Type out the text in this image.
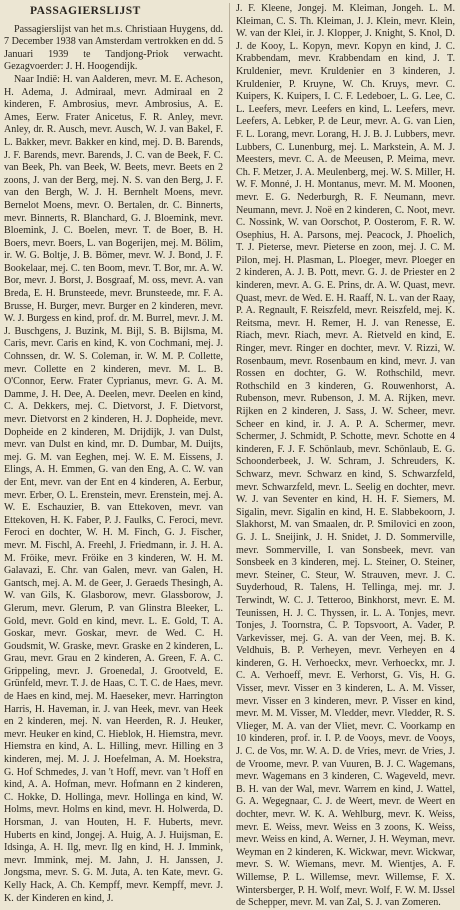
PASSAGIERSLIJST

Passagierslijst van het m.s. Christiaan Huygens, dd. 7 December 1938 van Amsterdam vertrokken en dd. 5 Januari 1939 te Tandjong-Priok verwacht. Gezagvoerder: J. H. Hoogendijk.

Naar Indië: H. van Aalderen, mevr. M. E. Acheson, H. Adema, J. Admiraal, mevr. Admiraal en 2 kinderen, F. Ambrosius, mevr. Ambrosius, A. E. Ames, Eerw. Frater Anicetus, F. R. Anley, mevr. Anley, dr. R. Ausch, mevr. Ausch, W. J. van Bakel, F. L. Bakker, mevr. Bakker en kind, mej. D. B. Barends, J. F. Barends, mevr. Barends, J. C. van de Beek, F. C. van Beek, Ph. van Beek, W. Beets, mevr. Beets en 2 zoons, J. van der Berg, mej. N. S. van den Berg, J. F. van den Bergh, W. J. H. Bernhelt Moens, mevr. Bernelot Moens, mevr. O. Bertalen, dr. C. Binnerts, mevr. Binnerts, R. Blanchard, G. J. Bloemink, mevr. Bloemink, J. C. Boelen, mevr. T. de Boer, B. H. Boers, mevr. Boers, L. van Bogerijen, mej. M. Bölim, ir. W. G. Boltje, J. B. Bömer, mevr. W. J. Bond, J. F. Bookelaar, mej. C. ten Boom, mevr. T. Bor, mr. A. W. Bor, mevr. J. Borst, J. Bosgraaf, M. oss, mevr. A. van Breda, E. H. Brunsteede, mevr. Brunsteede, mr. F. A. Brusse, H. Burger, mevr. Burger en 2 kinderen, mevr. W. J. Burgess en kind, prof. dr. M. Burrel, mevr. J. M. J. Buschgens, J. Buzink, M. Bijl, S. B. Bijlsma, M. Caris, mevr. Caris en kind, K. von Cochmani, mej. J. Cohnssen, dr. W. S. Coleman, ir. W. M. P. Collette, mevr. Collette en 2 kinderen, mevr. M. L. B. O'Connor, Eerw. Frater Cyprianus, mevr. G. A. M. Damme, J. H. Dee, A. Deelen, mevr. Deelen en kind, C. A. Dekkers, mej. C. Dietvorst, J. F. Dietvorst, mevr. Dietvorst en 2 kinderen, H. J. Dopheide, mevr. Dopheide en 2 kinderen, M. Drijdijk, J. van Dulst, mevr. van Dulst en kind, mr. D. Dumbar, M. Duijts, mej. G. M. van Eeghen, mej. W. E. M. Eissens, J. Elings, A. H. Emmen, G. van den Eng, A. C. W. van der Ent, mevr. van der Ent en 4 kinderen, A. Eerbur, mevr. Erber, O. L. Erenstein, mevr. Erenstein, mej. A. W. E. Eschauzier, B. van Ettekoven, mevr. van Ettekoven, H. K. Faber, P. J. Faulks, C. Feroci, mevr. Feroci en dochter, W. H. M. Finch, G. J. Fischer, mevr. M. Fischl, A. Freehl, J. Friedmann, ir. J. H. A. M. Fröike, mevr. Fröike en 3 kinderen, W. H. M. Galavazi, E. Chr. van Galen, mevr. van Galen, H. Gantsch, mej. A. M. de Geer, J. Geraeds Thesingh, A. W. van Gils, K. Glasborow, mevr. Glassborow, J. Glerum, mevr. Glerum, P. van Glinstra Bleeker, L. Gold, mevr. Gold en kind, mevr. L. E. Gold, T. A. Goskar, mevr. Goskar, mevr. de Wed. C. H. Goudsmit, W. Graske, mevr. Graske en 2 kinderen, L. Grau, mevr. Grau en 2 kinderen, A. Green, F. A. C. Grippeling, mevr. J. Groenedal, J. Grootveld, E. Grünfeld, mevr. T. J. de Haas, C. T. C. de Haes, mevr. de Haes en kind, mej. M. Haeseker, mevr. Harrington Harris, H. Haveman, ir. J. van Heek, mevr. van Heek en 2 kinderen, mej. N. van Heerden, R. J. Heuker, mevr. Heuker en kind, C. Hieblok, H. Hiemstra, mevr. Hiemstra en kind, A. L. Hilling, mevr. Hilling en 3 kinderen, mej. M. J. J. Hoefelman, A. M. Hoekstra, G. Hof Schmedes, J. van 't Hoff, mevr. van 't Hoff en kind, A. A. Hofman, mevr. Hofmann en 2 kinderen, C. Hokke, D. Hollinga, mevr. Hollinga en kind, W. Holms, mevr. Holms en kind, mevr. H. Holwerda, D. Horsman, J. van Houten, H. F. Huberts, mevr. Huberts en kind, Jongej. A. Huig, A. J. Huijsman, E. Idsinga, A. H. Ilg, mevr. Ilg en kind, H. J. Immink, mevr. Immink, mej. M. Jahn, J. H. Janssen, J. Jongsma, mevr. S. G. M. Juta, A. ten Kate, mevr. G. Kelly Hack, A. Ch. Kempff, mevr. Kempff, mevr. J. K. der Kinderen en kind, J.

J. F. Kleene, Jongej. M. Kleiman, Jongeh. L. M. Kleiman, C. S. Th. Kleiman, J. J. Klein, mevr. Klein, W. van der Klei, ir. J. Klopper, J. Knight, S. Knol, D. J. de Kooy, L. Kopyn, mevr. Kopyn en kind, J. C. Krabbendam, mevr. Krabbendam en kind, J. T. Kruldenier, mevr. Kruldenier en 3 kinderen, J. Kruldenier, P. Kruyne, W. Ch. Kruys, mevr. C. Kuipers, K. Kuipers, I. C. F. Ledeboer, L. G. Lee, C. L. Leefers, mevr. Leefers en kind, L. Leefers, mevr. Leefers, A. Lebker, P. de Leur, mevr. A. G. van Lien, F. L. Lorang, mevr. Lorang, H. J. B. J. Lubbers, mevr. Lubbers, C. Lunenburg, mej. L. Markstein, A. M. J. Meesters, mevr. C. A. de Meeusen, P. Meima, mevr. Ch. F. Metzer, J. A. Meulenberg, mej. W. S. Miller, H. W. F. Monné, J. H. Montanus, mevr. M. M. Moonen, mevr. E. G. Nederburgh, R. F. Neumann, mevr. Neumann, mevr. J. Noë en 2 kinderen, C. Noot, mevr. C. Nossink, W. van Oorschot, P. Oosterom, F. R. W. Osephius, H. A. Parsons, mej. Peacock, J. Phoelich, T. J. Pieterse, mevr. Pieterse en zoon, mej. J. C. M. Pilon, mej. H. Plasman, L. Ploeger, mevr. Ploeger en 2 kinderen, A. J. B. Pott, mevr. G. J. de Priester en 2 kinderen, mevr. A. G. E. Prins, dr. A. W. Quast, mevr. Quast, mevr. de Wed. E. H. Raaff, N. L. van der Raay, P. A. Regnault, F. Reiszfeld, mevr. Reiszfeld, mej. K. Reitsma, mevr. H. Remer, H. J. van Renesse, E. Riach, mevr. Riach, mevr. A. Rietveld en kind, E. Ringer, mevr. Ringer en dochter, mevr. V. Rizzi, W. Rosenbaum, mevr. Rosenbaum en kind, mevr. J. van Rossen en dochter, G. W. Rothschild, mevr. Rothschild en 3 kinderen, G. Rouwenhorst, A. Rubenson, mevr. Rubenson, J. M. A. Rijken, mevr. Rijken en 2 kinderen, J. Sass, J. W. Scheer, mevr. Scheer en kind, ir. J. A. P. A. Schermer, mevr. Schermer, J. Schmidt, P. Schotte, mevr. Schotte en 4 kinderen, F. J. F. Schönlaub, mevr. Schönlaub, E. G. Schoonderbeek, J. W. Schram, J. Schreuders, K. Schwarz, mevr. Schwarz en kind, S. Schwarzfeld, mevr. Schwarzfeld, mevr. L. Seelig en dochter, mevr. W. J. van Seventer en kind, H. H. F. Siemers, M. Sigalin, mevr. Sigalin en kind, H. E. Slabbekoorn, J. Slakhorst, M. van Smaalen, dr. P. Smilovici en zoon, G. J. L. Sneijink, J. H. Snidet, J. D. Sommerville, mevr. Sommerville, I. van Sonsbeek, mevr. van Sonsbeek en 3 kinderen, mej. L. Steiner, O. Steiner, mevr. Steiner, C. Steur, W. Strauven, mevr. J. C. Suyderhoud, R. Talens, H. Tellinga, mej. mr. J. Terwindt, W. C. J. Tetteroo, Binkhorst, mevr. E. M. Teunissen, H. J. C. Thyssen, ir. L. A. Tonjes, mevr. Tonjes, J. Toornstra, C. P. Topsvoort, A. Vader, P. Varkevisser, mej. G. A. van der Veen, mej. B. K. Veldhuis, B. P. Verheyen, mevr. Verheyen en 4 kinderen, G. H. Verhoeckx, mevr. Verhoeckx, mr. J. C. A. Verhoeff, mevr. E. Verhorst, G. Vis, H. G. Visser, mevr. Visser en 3 kinderen, L. A. M. Visser, mevr. Visser en 3 kinderen, mevr. P. Visser en kind, mevr. M. M. Visser, M. Vledder, mevr. Vledder, R. S. Vlieger, M. A. van der Vliet, mevr. C. Voorkamp en 10 kinderen, prof. ir. I. P. de Vooys, mevr. de Vooys, J. C. de Vos, mr. W. A. D. de Vries, mevr. de Vries, J. de Vroome, mevr. P. van Vuuren, B. J. C. Wagemans, mevr. Wagemans en 3 kinderen, C. Wageveld, mevr. B. H. van der Wal, mevr. Warrem en kind, J. Wattel, G. A. Wegegnaar, C. J. de Weert, mevr. de Weert en dochter, mevr. W. K. A. Wehlburg, mevr. K. Weiss, mevr. E. Weiss, mevr. Weiss en 3 zoons, K. Weiss, mevr. Weiss en kind, A. Werner, J. H. Weyman, mevr. Weyman en 2 kinderen, K. Wickwar, mevr. Wickwar, mevr. S. W. Wiemans, mevr. M. Wientjes, A. F. Willemse, P. L. Willemse, mevr. Willemse, F. X. Wintersberger, P. H. Wolf, mevr. Wolf, F. W. M. IJssel de Schepper, mevr. M. van Zal, S. J. van Zomeren.
